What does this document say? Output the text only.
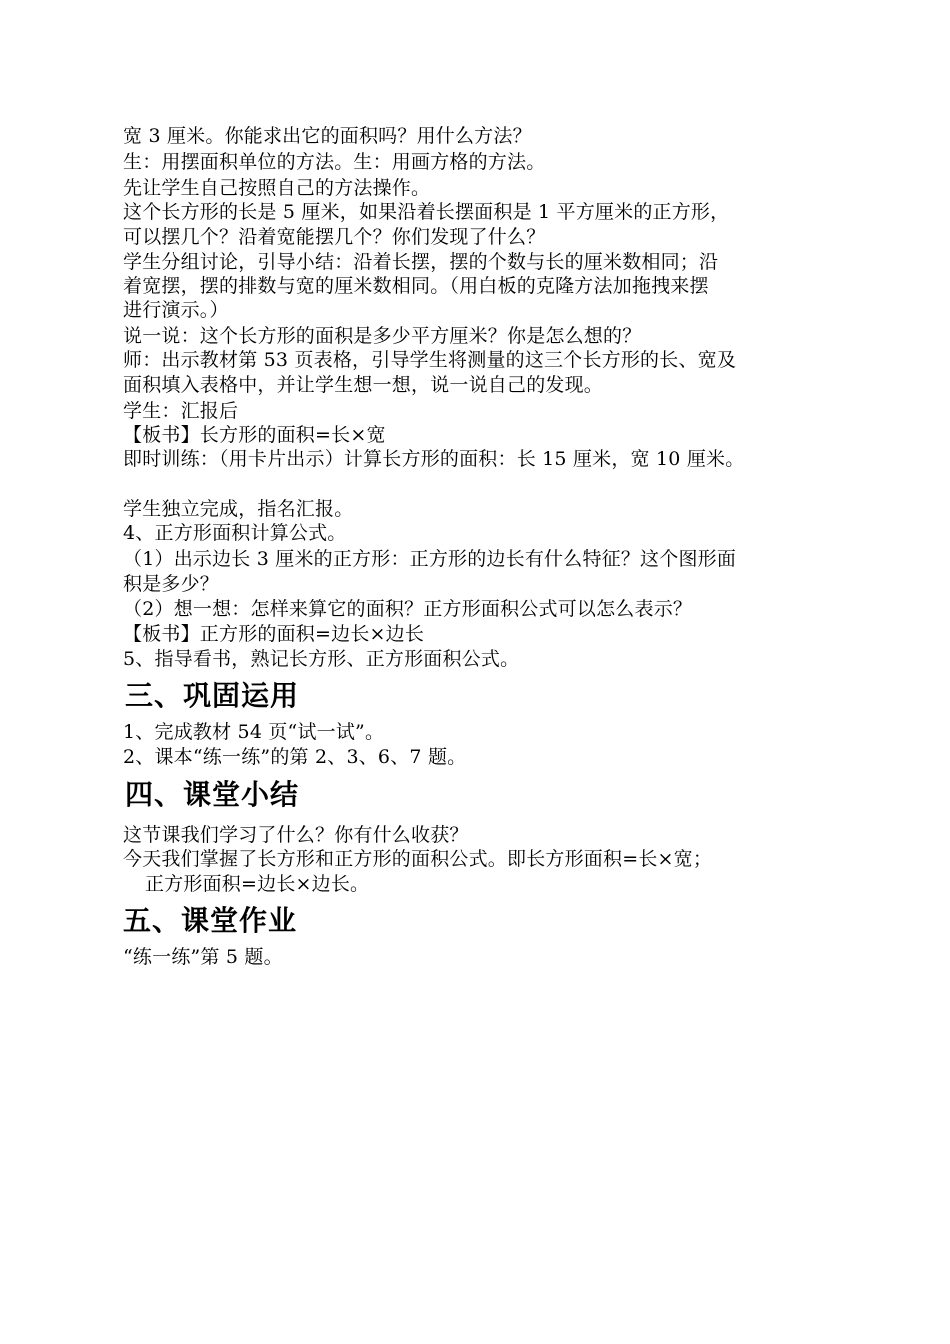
宽 3 厘米。你能求出它的面积吗？用什么方法？
生：用摆面积单位的方法。生：用画方格的方法。
先让学生自己按照自己的方法操作。
这个长方形的长是 5 厘米，如果沿着长摆面积是 1 平方厘米的正方形，
可以摆几个？沿着宽能摆几个？你们发现了什么？
学生分组讨论，引导小结：沿着长摆，摆的个数与长的厘米数相同；沿
着宽摆，摆的排数与宽的厘米数相同。（用白板的克隆方法加拖拽来摆
进行演示。）
说一说：这个长方形的面积是多少平方厘米？你是怎么想的？
师：出示教材第 53 页表格，引导学生将测量的这三个长方形的长、宽及
面积填入表格中，并让学生想一想，说一说自己的发现。
学生：汇报后
【板书】长方形的面积=长×宽
即时训练：（用卡片出示）计算长方形的面积：长 15 厘米，宽 10 厘米。
学生独立完成，指名汇报。
4、正方形面积计算公式。
（1）出示边长 3 厘米的正方形：正方形的边长有什么特征？这个图形面
积是多少？
（2）想一想：怎样来算它的面积？正方形面积公式可以怎么表示？
【板书】正方形的面积=边长×边长
5、指导看书，熟记长方形、正方形面积公式。
三、巩固运用
1、完成教材 54 页“试一试”。
2、课本“练一练”的第 2、3、6、7 题。
四、课堂小结
这节课我们学习了什么？你有什么收获？
今天我们掌握了长方形和正方形的面积公式。即长方形面积=长×宽；
正方形面积=边长×边长。
五、课堂作业
“练一练”第 5 题。
